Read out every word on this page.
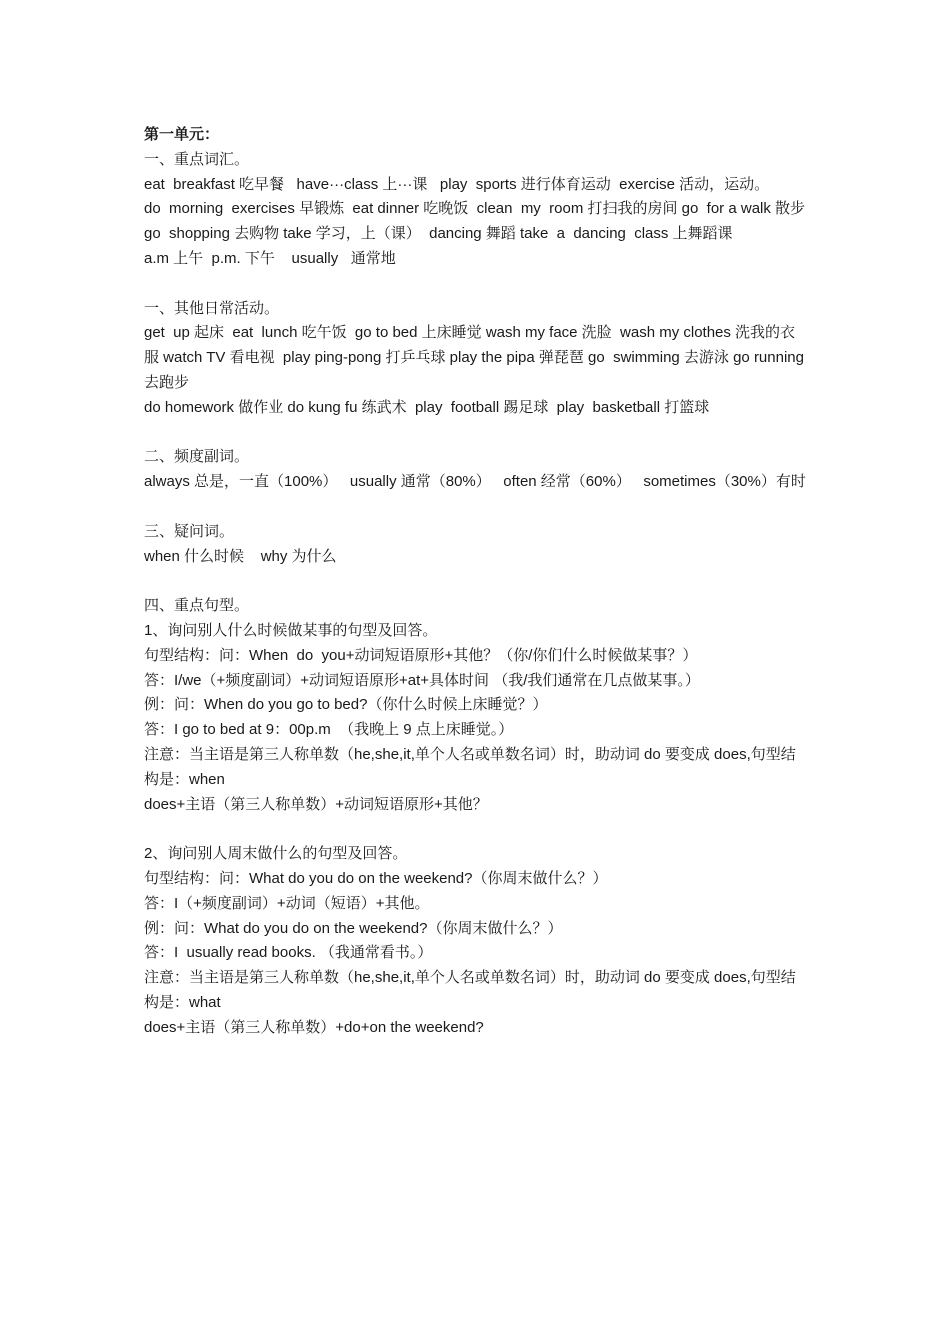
第一单元：

一、重点词汇。

eat  breakfast 吃早餐   have···class 上···课   play  sports 进行体育运动  exercise 活动，运动。

do  morning  exercises 早锻炼  eat dinner 吃晚饭  clean  my  room 打扫我的房间 go  for a walk 散步

go  shopping 去购物 take 学习，上（课）  dancing 舞蹈 take  a  dancing  class 上舞蹈课

a.m 上午  p.m. 下午    usually   通常地

一、其他日常活动。

get  up 起床  eat  lunch 吃午饭  go to bed 上床睡觉 wash my face 洗脸  wash my clothes 洗我的衣服 watch TV 看电视  play ping-pong 打乒乓球 play the pipa 弹琵琶 go  swimming 去游泳 go running 去跑步

do homework 做作业 do kung fu 练武术  play  football 踢足球  play  basketball 打篮球

二、频度副词。

always 总是，一直（100%）   usually 通常（80%）   often 经常（60%）   sometimes（30%）有时

三、疑问词。

when 什么时候    why 为什么

四、重点句型。

1、询问别人什么时候做某事的句型及回答。

句型结构：问：When  do  you+动词短语原形+其他？（你/你们什么时候做某事？）

答：I/we（+频度副词）+动词短语原形+at+具体时间 （我/我们通常在几点做某事。）

例：问：When do you go to bed?（你什么时候上床睡觉？）

答：I go to bed at 9：00p.m  （我晚上 9 点上床睡觉。）

注意：当主语是第三人称单数（he,she,it,单个人名或单数名词）时，助动词 do 要变成 does,句型结构是：when

does+主语（第三人称单数）+动词短语原形+其他？

2、询问别人周末做什么的句型及回答。

句型结构：问：What do you do on the weekend?（你周末做什么？）

答：I（+频度副词）+动词（短语）+其他。

例：问：What do you do on the weekend?（你周末做什么？）

答：I  usually read books. （我通常看书。）

注意：当主语是第三人称单数（he,she,it,单个人名或单数名词）时，助动词 do 要变成 does,句型结构是：what

does+主语（第三人称单数）+do+on the weekend?
